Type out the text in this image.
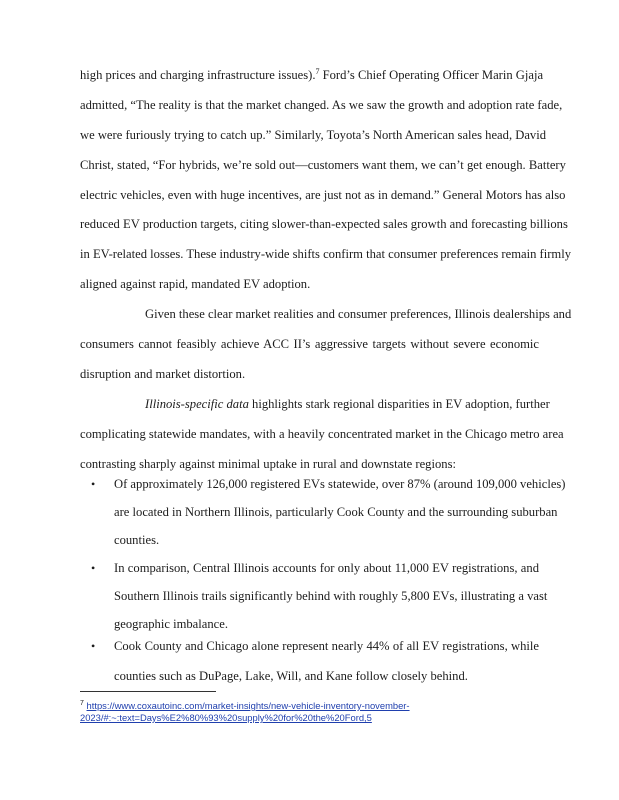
high prices and charging infrastructure issues).$^7$ Ford’s Chief Operating Officer Marin Gjaja
admitted, “The reality is that the market changed. As we saw the growth and adoption rate fade,
we were furiously trying to catch up.” Similarly, Toyota’s North American sales head, David
Christ, stated, “For hybrids, we’re sold out—customers want them, we can’t get enough. Battery
electric vehicles, even with huge incentives, are just not as in demand.” General Motors has also
reduced EV production targets, citing slower-than-expected sales growth and forecasting billions
in EV-related losses. These industry-wide shifts confirm that consumer preferences remain firmly
aligned against rapid, mandated EV adoption.
Given these clear market realities and consumer preferences, Illinois dealerships and
consumers cannot feasibly achieve ACC II’s aggressive targets without severe economic
disruption and market distortion.
Illinois-specific data highlights stark regional disparities in EV adoption, further
complicating statewide mandates, with a heavily concentrated market in the Chicago metro area
contrasting sharply against minimal uptake in rural and downstate regions:
• Of approximately 126,000 registered EVs statewide, over 87% (around 109,000 vehicles)
are located in Northern Illinois, particularly Cook County and the surrounding suburban
counties.
• In comparison, Central Illinois accounts for only about 11,000 EV registrations, and
Southern Illinois trails significantly behind with roughly 5,800 EVs, illustrating a vast
geographic imbalance.
• Cook County and Chicago alone represent nearly 44% of all EV registrations, while
$^7$ https://www.coxautoinc.com/market-insights/new-vehicle-inventory-november-
2023/#:~:text=Days%E2%80%93%20supply%20for%20the%20Ford,5
counties such as DuPage, Lake, Will, and Kane follow closely behind.
